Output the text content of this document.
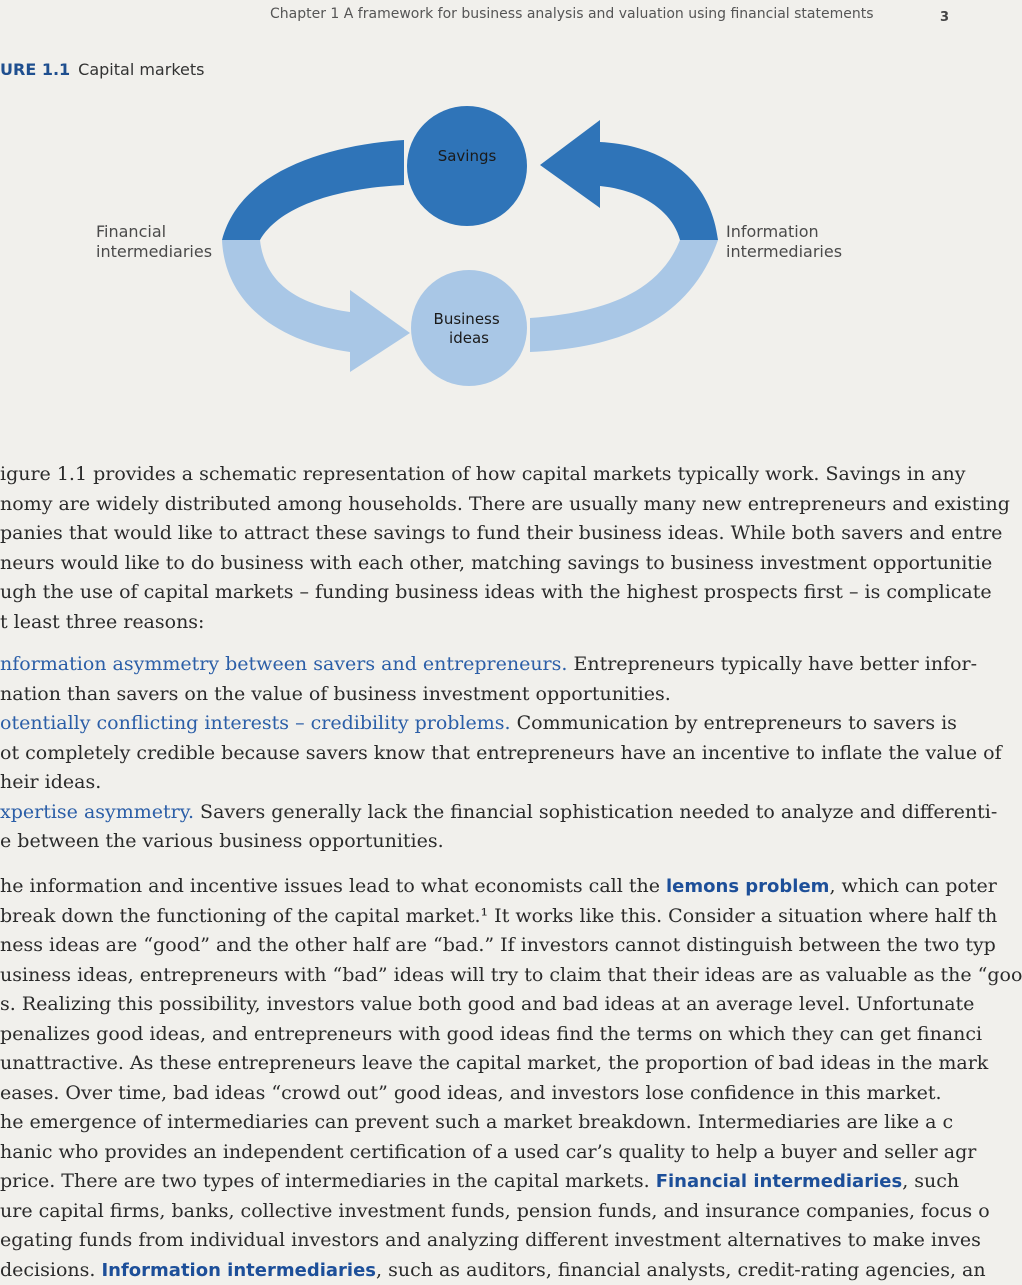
Chapter 1 A framework for business analysis and valuation using financial statements	3
URE 1.1 Capital markets
Savings
Business ideas
Financial
intermediaries
Information
intermediaries
igure 1.1 provides a schematic representation of how capital markets typically work. Savings in any
nomy are widely distributed among households. There are usually many new entrepreneurs and existing
panies that would like to attract these savings to fund their business ideas. While both savers and entre
neurs would like to do business with each other, matching savings to business investment opportunitie
ugh the use of capital markets – funding business ideas with the highest prospects first – is complicate
t least three reasons:
nformation asymmetry between savers and entrepreneurs. Entrepreneurs typically have better infor-
nation than savers on the value of business investment opportunities.
otentially conflicting interests – credibility problems. Communication by entrepreneurs to savers is
ot completely credible because savers know that entrepreneurs have an incentive to inflate the value of
heir ideas.
xpertise asymmetry. Savers generally lack the financial sophistication needed to analyze and differenti-
e between the various business opportunities.
he information and incentive issues lead to what economists call the lemons problem, which can poter
break down the functioning of the capital market.¹ It works like this. Consider a situation where half th
ness ideas are “good” and the other half are “bad.” If investors cannot distinguish between the two typ
usiness ideas, entrepreneurs with “bad” ideas will try to claim that their ideas are as valuable as the “goo
s. Realizing this possibility, investors value both good and bad ideas at an average level. Unfortunate
penalizes good ideas, and entrepreneurs with good ideas find the terms on which they can get financi
unattractive. As these entrepreneurs leave the capital market, the proportion of bad ideas in the mark
eases. Over time, bad ideas “crowd out” good ideas, and investors lose confidence in this market.
he emergence of intermediaries can prevent such a market breakdown. Intermediaries are like a c
hanic who provides an independent certification of a used car’s quality to help a buyer and seller agr
price. There are two types of intermediaries in the capital markets. Financial intermediaries, such
ure capital firms, banks, collective investment funds, pension funds, and insurance companies, focus o
egating funds from individual investors and analyzing different investment alternatives to make inves
decisions. Information intermediaries, such as auditors, financial analysts, credit-rating agencies, an
